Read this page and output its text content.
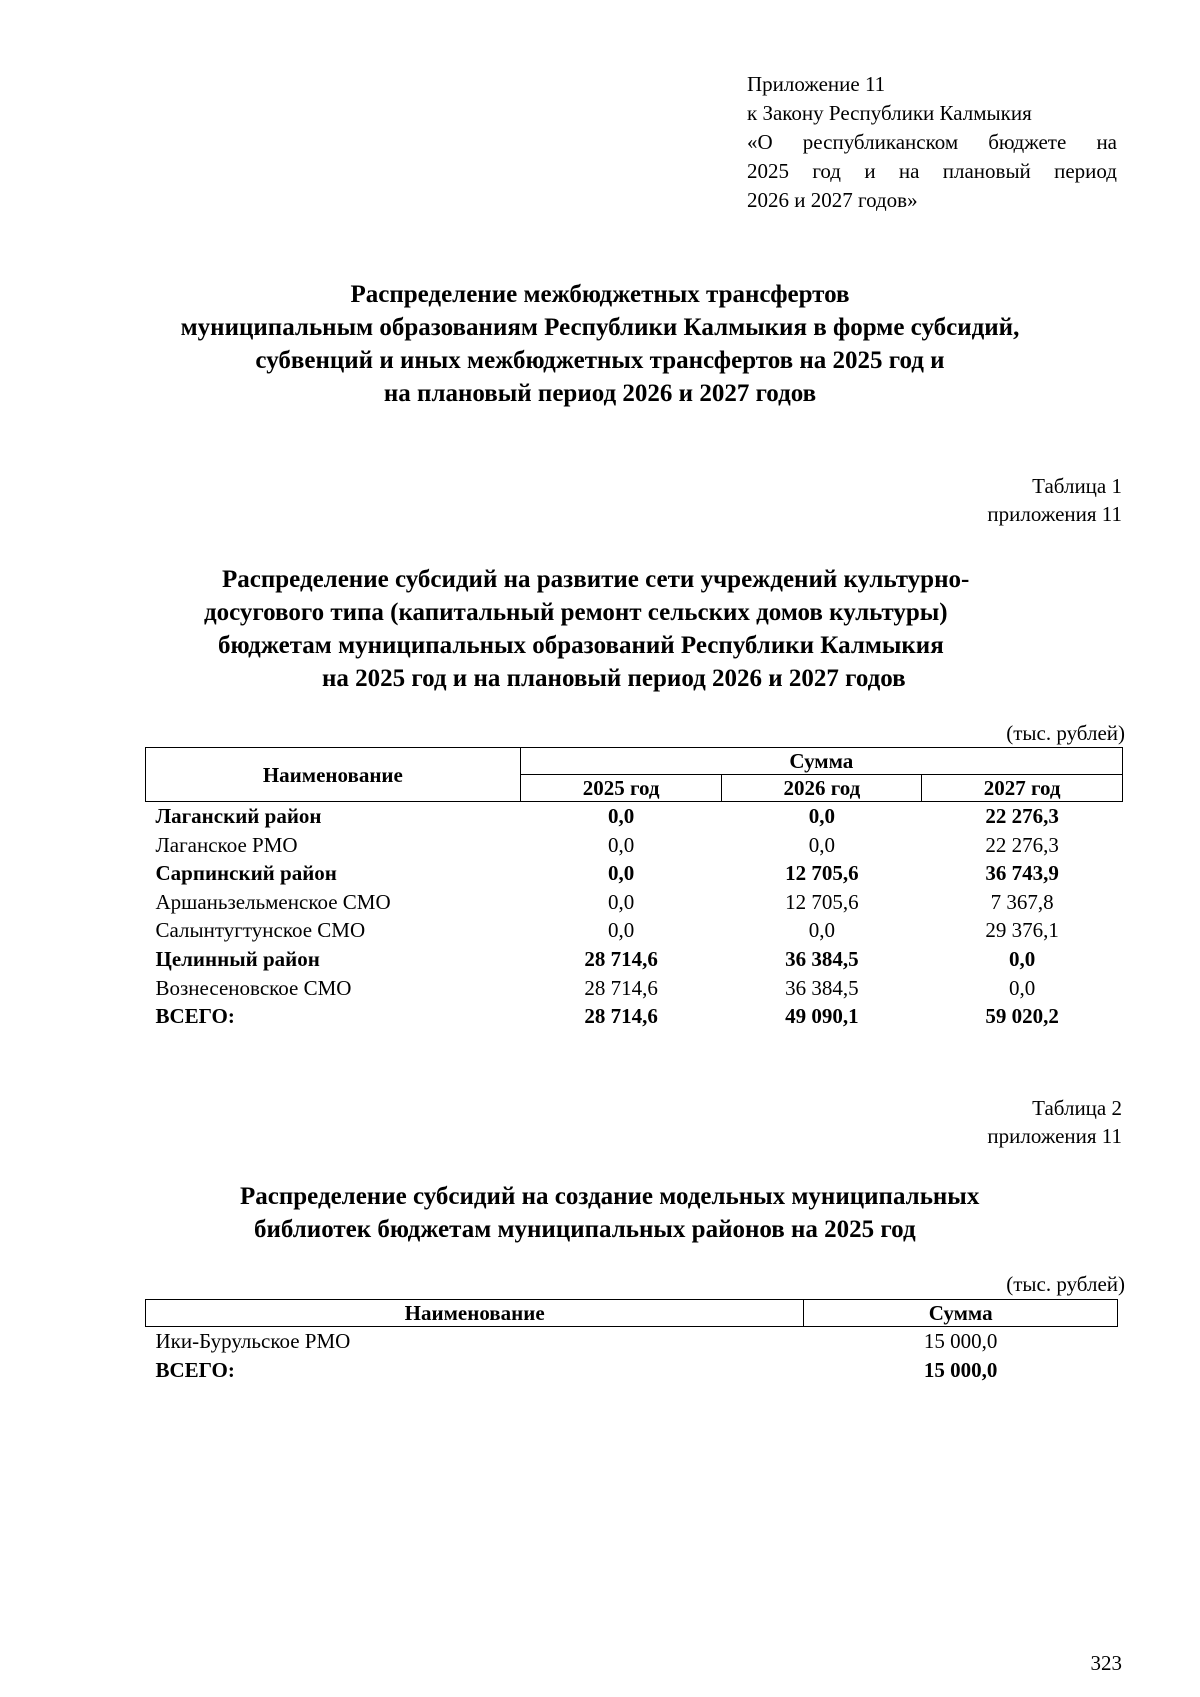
Приложение 11
к Закону Республики Калмыкия
«О республиканском бюджете на
2025 год и на плановый период
2026 и 2027 годов»
Распределение межбюджетных трансфертов
муниципальным образованиям Республики Калмыкия в форме субсидий,
субвенций и иных межбюджетных трансфертов на 2025 год и
на плановый период 2026 и 2027 годов
Таблица 1
приложения 11
Распределение субсидий на развитие сети учреждений культурно-
досугового типа (капитальный ремонт сельских домов культуры)
бюджетам муниципальных образований Республики Калмыкия
на 2025 год и на плановый период 2026 и 2027 годов
(тыс. рублей)
Наименование	Сумма		
	2025 год	2026 год	2027 год
Лаганский район	0,0	0,0	22 276,3
Лаганское РМО	0,0	0,0	22 276,3
Сарпинский район	0,0	12 705,6	36 743,9
Аршаньзельменское СМО	0,0	12 705,6	7 367,8
Салынтугтунское СМО	0,0	0,0	29 376,1
Целинный район	28 714,6	36 384,5	0,0
Вознесеновское СМО	28 714,6	36 384,5	0,0
ВСЕГО:	28 714,6	49 090,1	59 020,2
Таблица 2
приложения 11
Распределение субсидий на создание модельных муниципальных
библиотек бюджетам муниципальных районов на 2025 год
(тыс. рублей)
Наименование	Сумма
Ики-Бурульское РМО	15 000,0
ВСЕГО:	15 000,0
323
